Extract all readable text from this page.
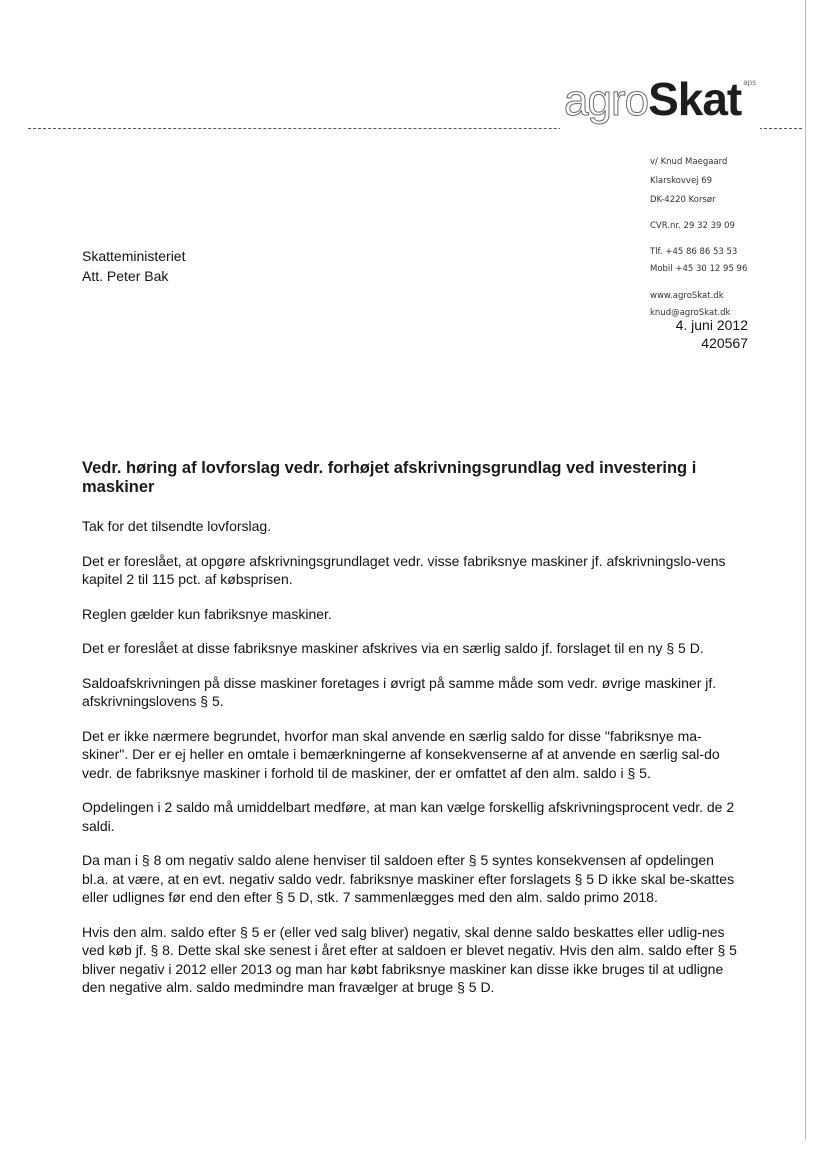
agroSkat $^{aps}$
v/ Knud Maegaard
Klarskovvej 69
DK-4220 Korsør
CVR.nr. 29 32 39 09
Tlf. +45 86 86 53 53
Mobil +45 30 12 95 96
www.agroSkat.dk
knud@agroSkat.dk
Skatteministeriet
Att. Peter Bak
4. juni 2012
420567
Vedr. høring af lovforslag vedr. forhøjet afskrivningsgrundlag ved investering i maskiner

Tak for det tilsendte lovforslag.

Det er foreslået, at opgøre afskrivningsgrundlaget vedr. visse fabriksnye maskiner jf. afskrivningslo-vens kapitel 2 til 115 pct. af købsprisen.

Reglen gælder kun fabriksnye maskiner.

Det er foreslået at disse fabriksnye maskiner afskrives via en særlig saldo jf. forslaget til en ny § 5 D.

Saldoafskrivningen på disse maskiner foretages i øvrigt på samme måde som vedr. øvrige maskiner jf. afskrivningslovens § 5.

Det er ikke nærmere begrundet, hvorfor man skal anvende en særlig saldo for disse "fabriksnye ma-skiner". Der er ej heller en omtale i bemærkningerne af konsekvenserne af at anvende en særlig sal-do vedr. de fabriksnye maskiner i forhold til de maskiner, der er omfattet af den alm. saldo i § 5.

Opdelingen i 2 saldo må umiddelbart medføre, at man kan vælge forskellig afskrivningsprocent vedr. de 2 saldi.

Da man i § 8 om negativ saldo alene henviser til saldoen efter § 5 syntes konsekvensen af opdelingen bl.a. at være, at en evt. negativ saldo vedr. fabriksnye maskiner efter forslagets § 5 D ikke skal be-skattes eller udlignes før end den efter § 5 D, stk. 7 sammenlægges med den alm. saldo primo 2018.

Hvis den alm. saldo efter § 5 er (eller ved salg bliver) negativ, skal denne saldo beskattes eller udlig-nes ved køb jf. § 8. Dette skal ske senest i året efter at saldoen er blevet negativ. Hvis den alm. saldo efter § 5 bliver negativ i 2012 eller 2013 og man har købt fabriksnye maskiner kan disse ikke bruges til at udligne den negative alm. saldo medmindre man fravælger at bruge § 5 D.
